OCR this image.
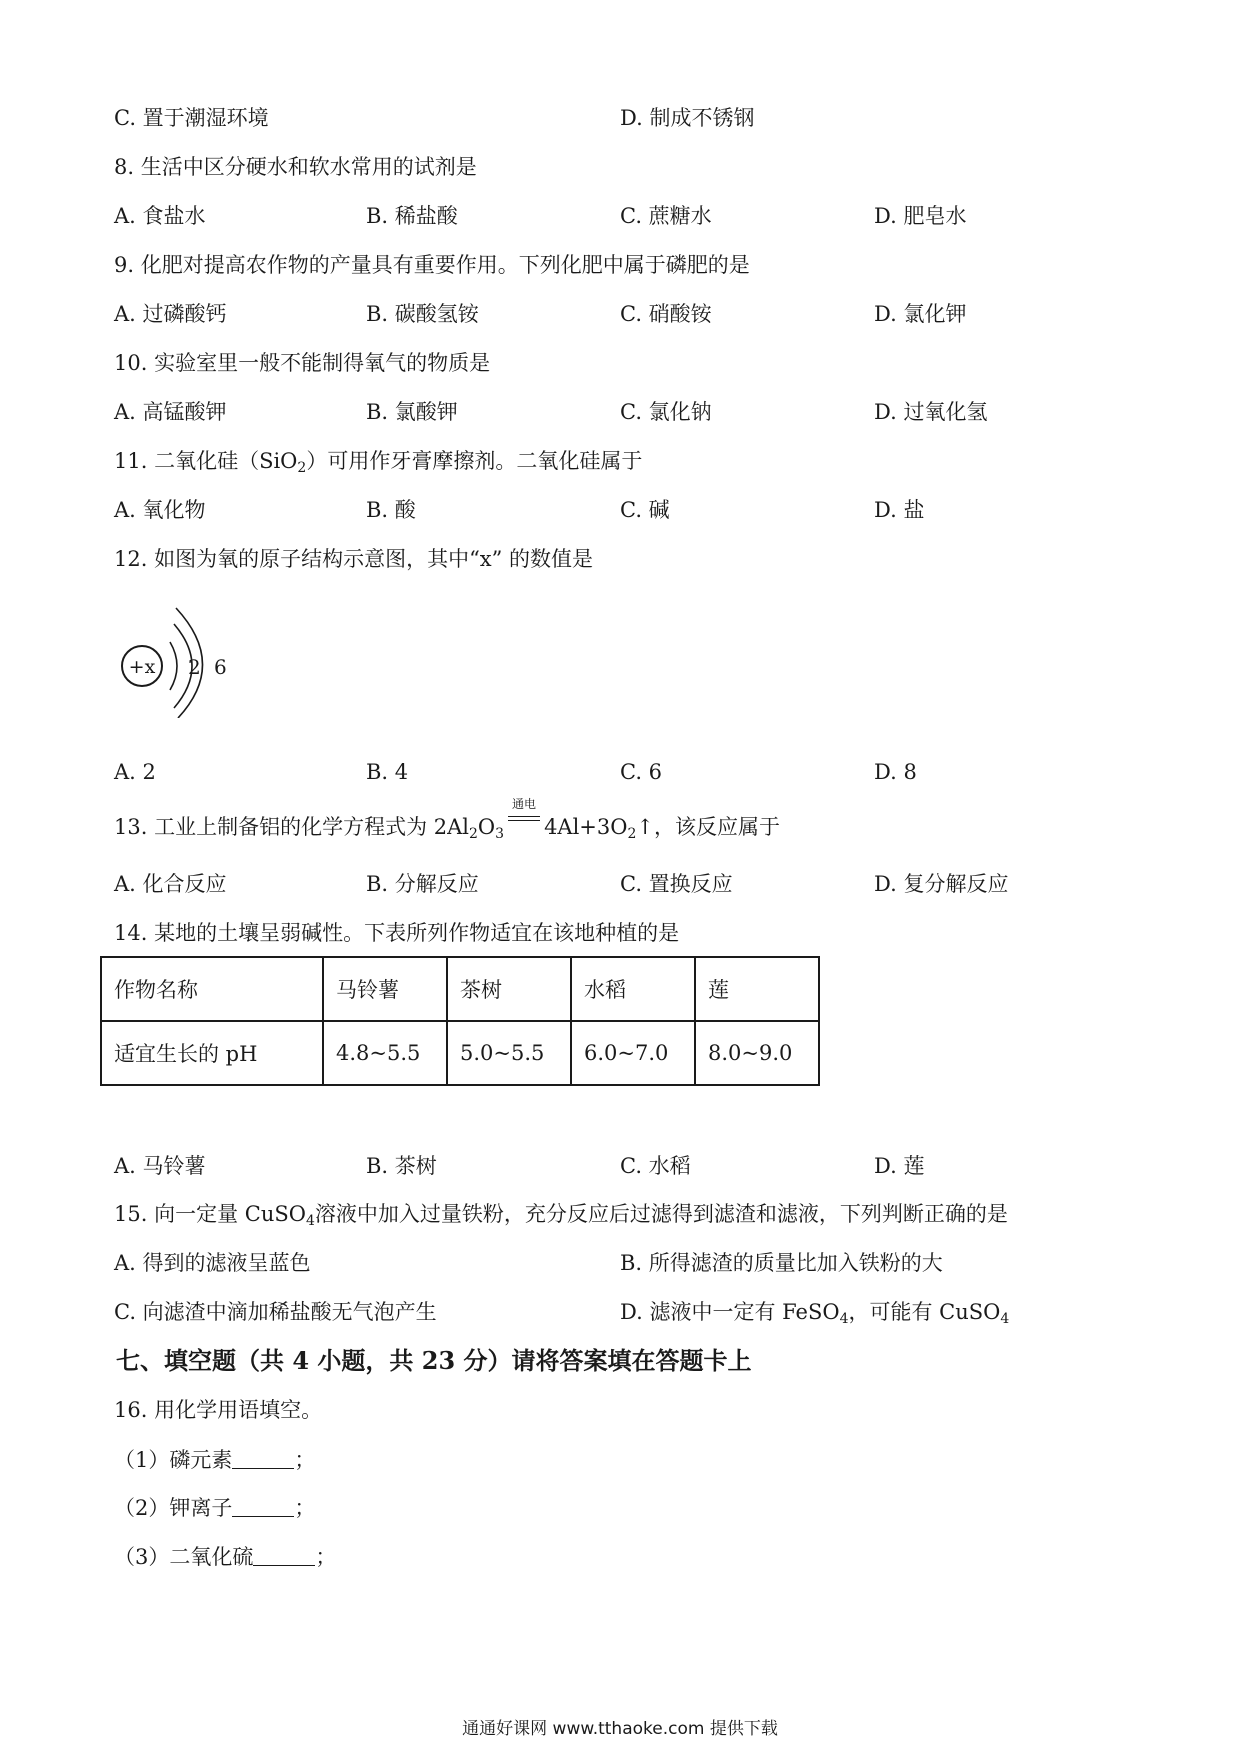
C. 置于潮湿环境	D. 制成不锈钢
8. 生活中区分硬水和软水常用的试剂是
A. 食盐水	B. 稀盐酸	C. 蔗糖水	D. 肥皂水
9. 化肥对提高农作物的产量具有重要作用。下列化肥中属于磷肥的是
A. 过磷酸钙	B. 碳酸氢铵	C. 硝酸铵	D. 氯化钾
10. 实验室里一般不能制得氧气的物质是
A. 高锰酸钾	B. 氯酸钾	C. 氯化钠	D. 过氧化氢
11. 二氧化硅（SiO$_2$）可用作牙膏摩擦剂。二氧化硅属于
A. 氧化物	B. 酸	C. 碱	D. 盐
12. 如图为氧的原子结构示意图，其中“x” 的数值是
+x 2 6
A. 2	B. 4	C. 6	D. 8
13. 工业上制备铝的化学方程式为 $2Al_2O_3$
通电
$4Al+3O_2↑$，该反应属于
A. 化合反应	B. 分解反应	C. 置换反应	D. 复分解反应
14. 某地的土壤呈弱碱性。下表所列作物适宜在该地种植的是
作物名称	马铃薯	茶树	水稻	莲
适宜生长的 pH	4.8~5.5	5.0~5.5	6.0~7.0	8.0~9.0
A. 马铃薯	B. 茶树	C. 水稻	D. 莲
15. 向一定量 CuSO$_4$溶液中加入过量铁粉，充分反应后过滤得到滤渣和滤液，下列判断正确的是
A. 得到的滤液呈蓝色	B. 所得滤渣的质量比加入铁粉的大
C. 向滤渣中滴加稀盐酸无气泡产生	D. 滤液中一定有 FeSO$_4$，可能有 CuSO$_4$
七、填空题（共 4 小题，共 23 分）请将答案填在答题卡上
16. 用化学用语填空。
（1）磷元素	；
（2）钾离子	；
（3）二氧化硫	；
通通好课网 www.tthaoke.com 提供下载
